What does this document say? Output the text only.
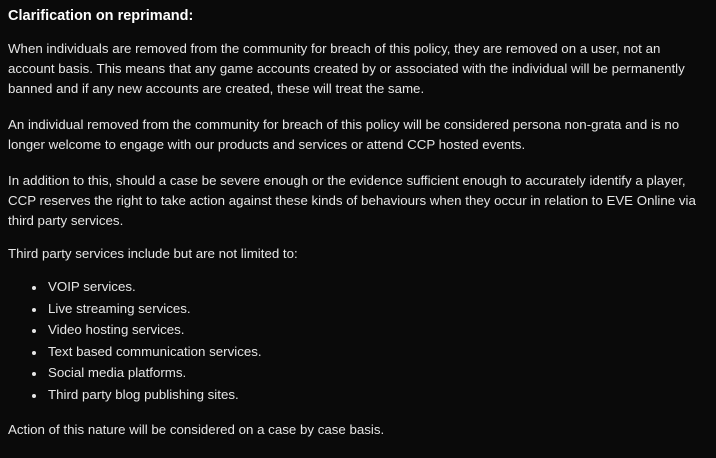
Clarification on reprimand:

When individuals are removed from the community for breach of this policy, they are removed on a user, not an account basis. This means that any game accounts created by or associated with the individual will be permanently banned and if any new accounts are created, these will treat the same.

An individual removed from the community for breach of this policy will be considered persona non-grata and is no longer welcome to engage with our products and services or attend CCP hosted events.

In addition to this, should a case be severe enough or the evidence sufficient enough to accurately identify a player, CCP reserves the right to take action against these kinds of behaviours when they occur in relation to EVE Online via third party services.

Third party services include but are not limited to:

• VOIP services.
• Live streaming services.
• Video hosting services.
• Text based communication services.
• Social media platforms.
• Third party blog publishing sites.

Action of this nature will be considered on a case by case basis.
